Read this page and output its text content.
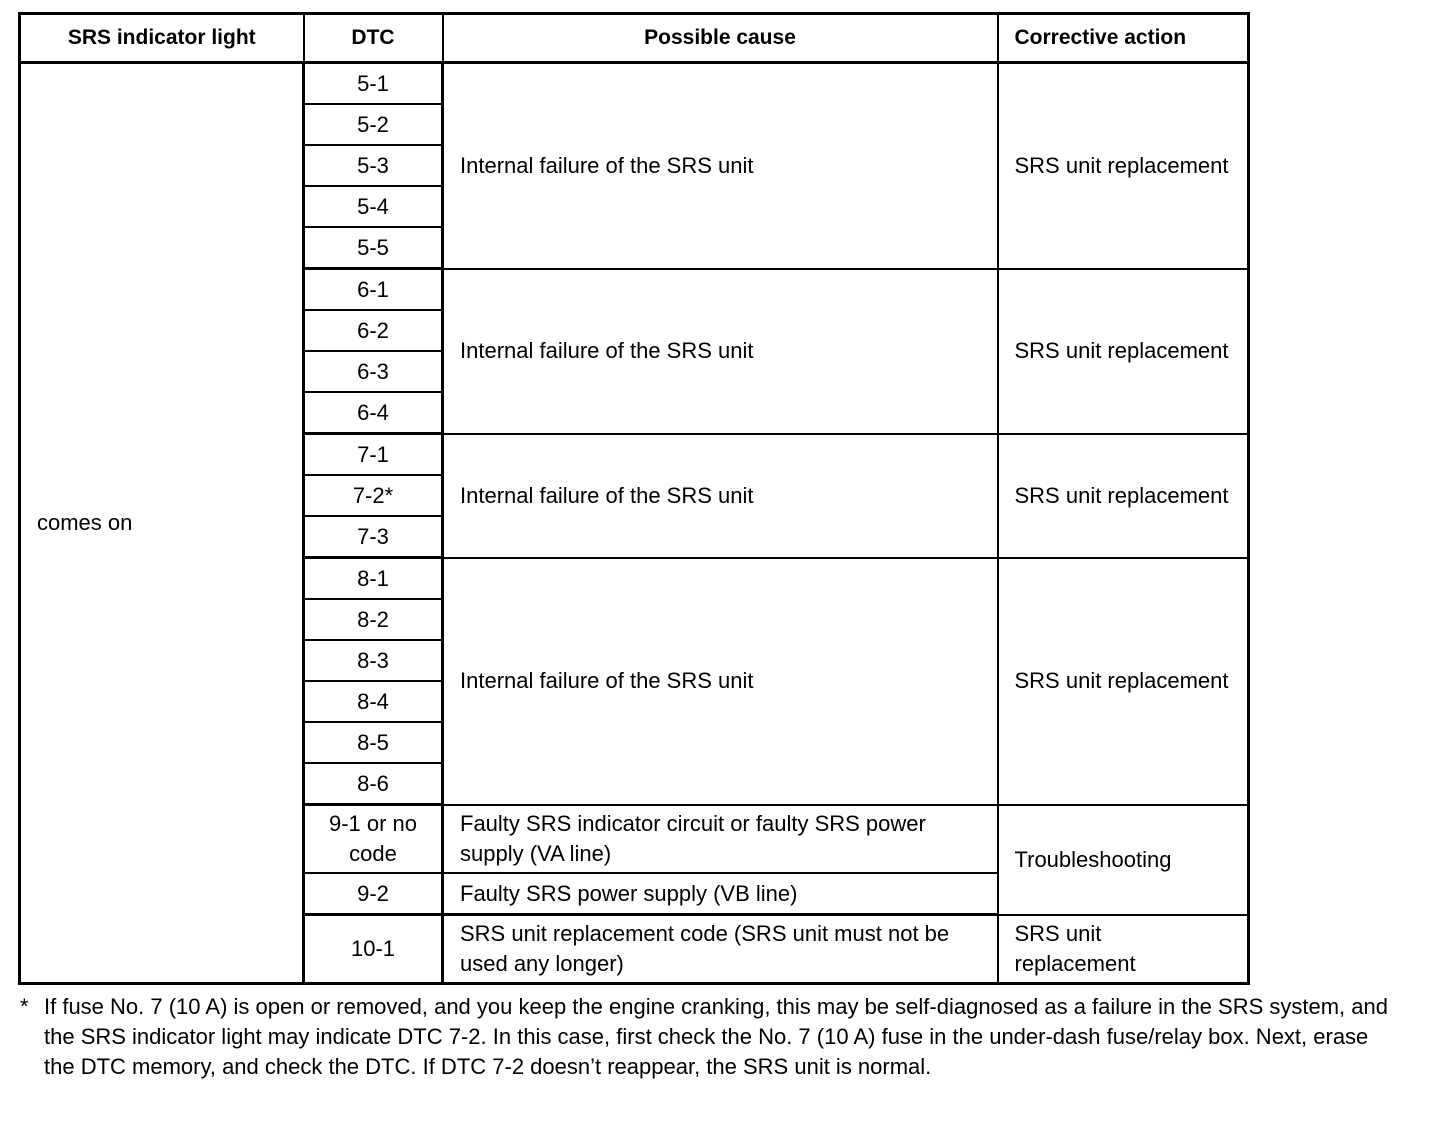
SRS indicator light	DTC	Possible cause	Corrective action
comes on	5-1	Internal failure of the SRS unit	SRS unit replacement
	5-2		
	5-3		
	5-4		
	5-5		
	6-1	Internal failure of the SRS unit	SRS unit replacement
	6-2		
	6-3		
	6-4		
	7-1	Internal failure of the SRS unit	SRS unit replacement
	7-2*		
	7-3		
	8-1	Internal failure of the SRS unit	SRS unit replacement
	8-2		
	8-3		
	8-4		
	8-5		
	8-6		
	9-1 or no code	Faulty SRS indicator circuit or faulty SRS power supply (VA line)	Troubleshooting
	9-2	Faulty SRS power supply (VB line)	
	10-1	SRS unit replacement code (SRS unit must not be used any longer)	SRS unit replacement
* If fuse No. 7 (10 A) is open or removed, and you keep the engine cranking, this may be self-diagnosed as a failure in the SRS system, and the SRS indicator light may indicate DTC 7-2. In this case, first check the No. 7 (10 A) fuse in the under-dash fuse/relay box. Next, erase the DTC memory, and check the DTC. If DTC 7-2 doesn’t reappear, the SRS unit is normal.
